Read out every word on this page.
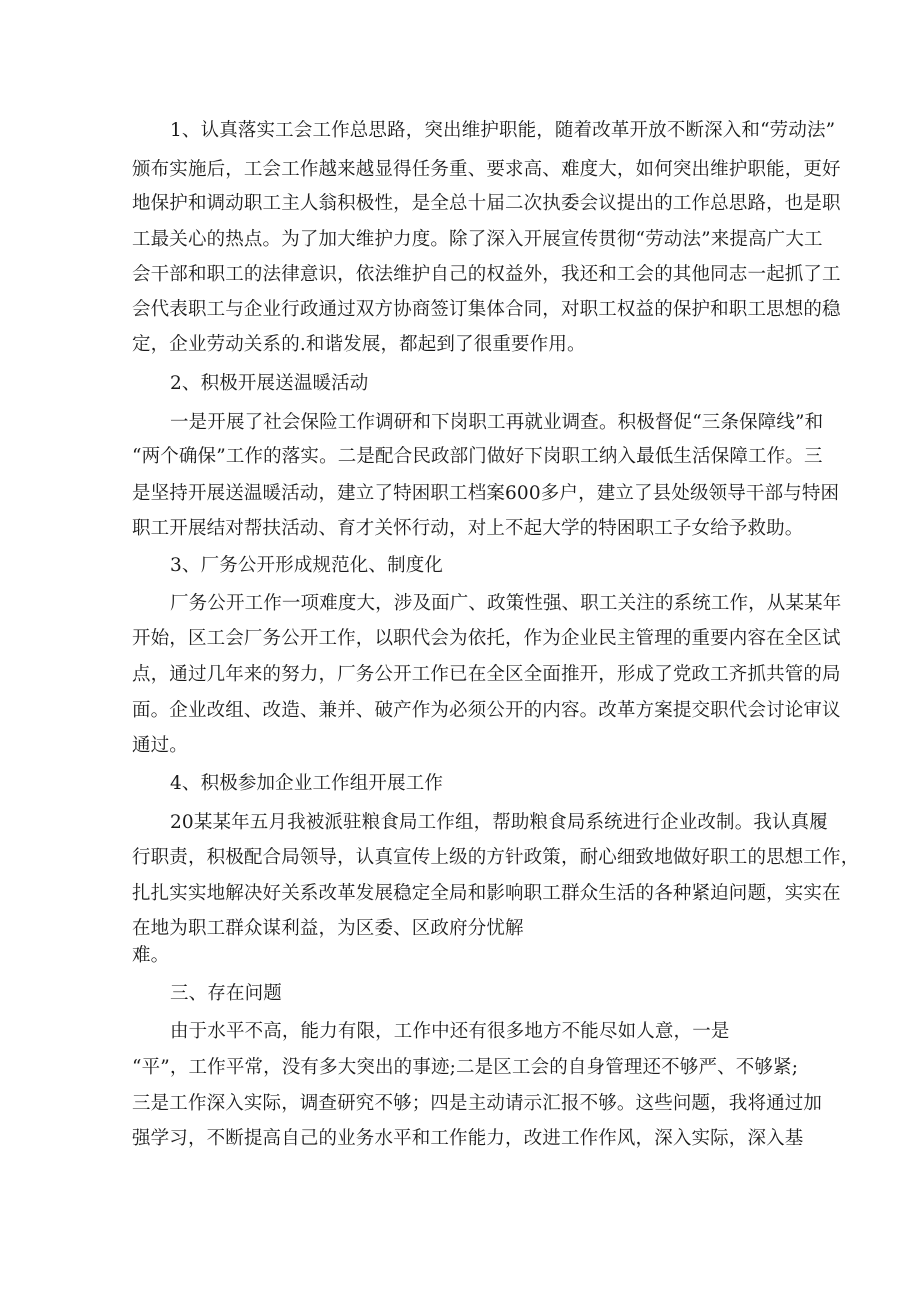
1、认真落实工会工作总思路，突出维护职能，随着改革开放不断深入和“劳动法”
颁布实施后，工会工作越来越显得任务重、要求高、难度大，如何突出维护职能，更好
地保护和调动职工主人翁积极性，是全总十届二次执委会议提出的工作总思路，也是职
工最关心的热点。为了加大维护力度。除了深入开展宣传贯彻“劳动法”来提高广大工
会干部和职工的法律意识，依法维护自己的权益外，我还和工会的其他同志一起抓了工
会代表职工与企业行政通过双方协商签订集体合同，对职工权益的保护和职工思想的稳
定，企业劳动关系的.和谐发展，都起到了很重要作用。
2、积极开展送温暖活动
一是开展了社会保险工作调研和下岗职工再就业调查。积极督促“三条保障线”和
“两个确保”工作的落实。二是配合民政部门做好下岗职工纳入最低生活保障工作。三
是坚持开展送温暖活动，建立了特困职工档案600多户，建立了县处级领导干部与特困
职工开展结对帮扶活动、育才关怀行动，对上不起大学的特困职工子女给予救助。
3、厂务公开形成规范化、制度化
厂务公开工作一项难度大，涉及面广、政策性强、职工关注的系统工作，从某某年
开始，区工会厂务公开工作，以职代会为依托，作为企业民主管理的重要内容在全区试
点，通过几年来的努力，厂务公开工作已在全区全面推开，形成了党政工齐抓共管的局
面。企业改组、改造、兼并、破产作为必须公开的内容。改革方案提交职代会讨论审议
通过。
4、积极参加企业工作组开展工作
20某某年五月我被派驻粮食局工作组，帮助粮食局系统进行企业改制。我认真履
行职责，积极配合局领导，认真宣传上级的方针政策，耐心细致地做好职工的思想工作，
扎扎实实地解决好关系改革发展稳定全局和影响职工群众生活的各种紧迫问题，实实在
在地为职工群众谋利益，为区委、区政府分忧解
难。
三、存在问题
由于水平不高，能力有限，工作中还有很多地方不能尽如人意，一是
“平”，工作平常，没有多大突出的事迹;二是区工会的自身管理还不够严、不够紧;
三是工作深入实际，调查研究不够；四是主动请示汇报不够。这些问题，我将通过加
强学习，不断提高自己的业务水平和工作能力，改进工作作风，深入实际，深入基
